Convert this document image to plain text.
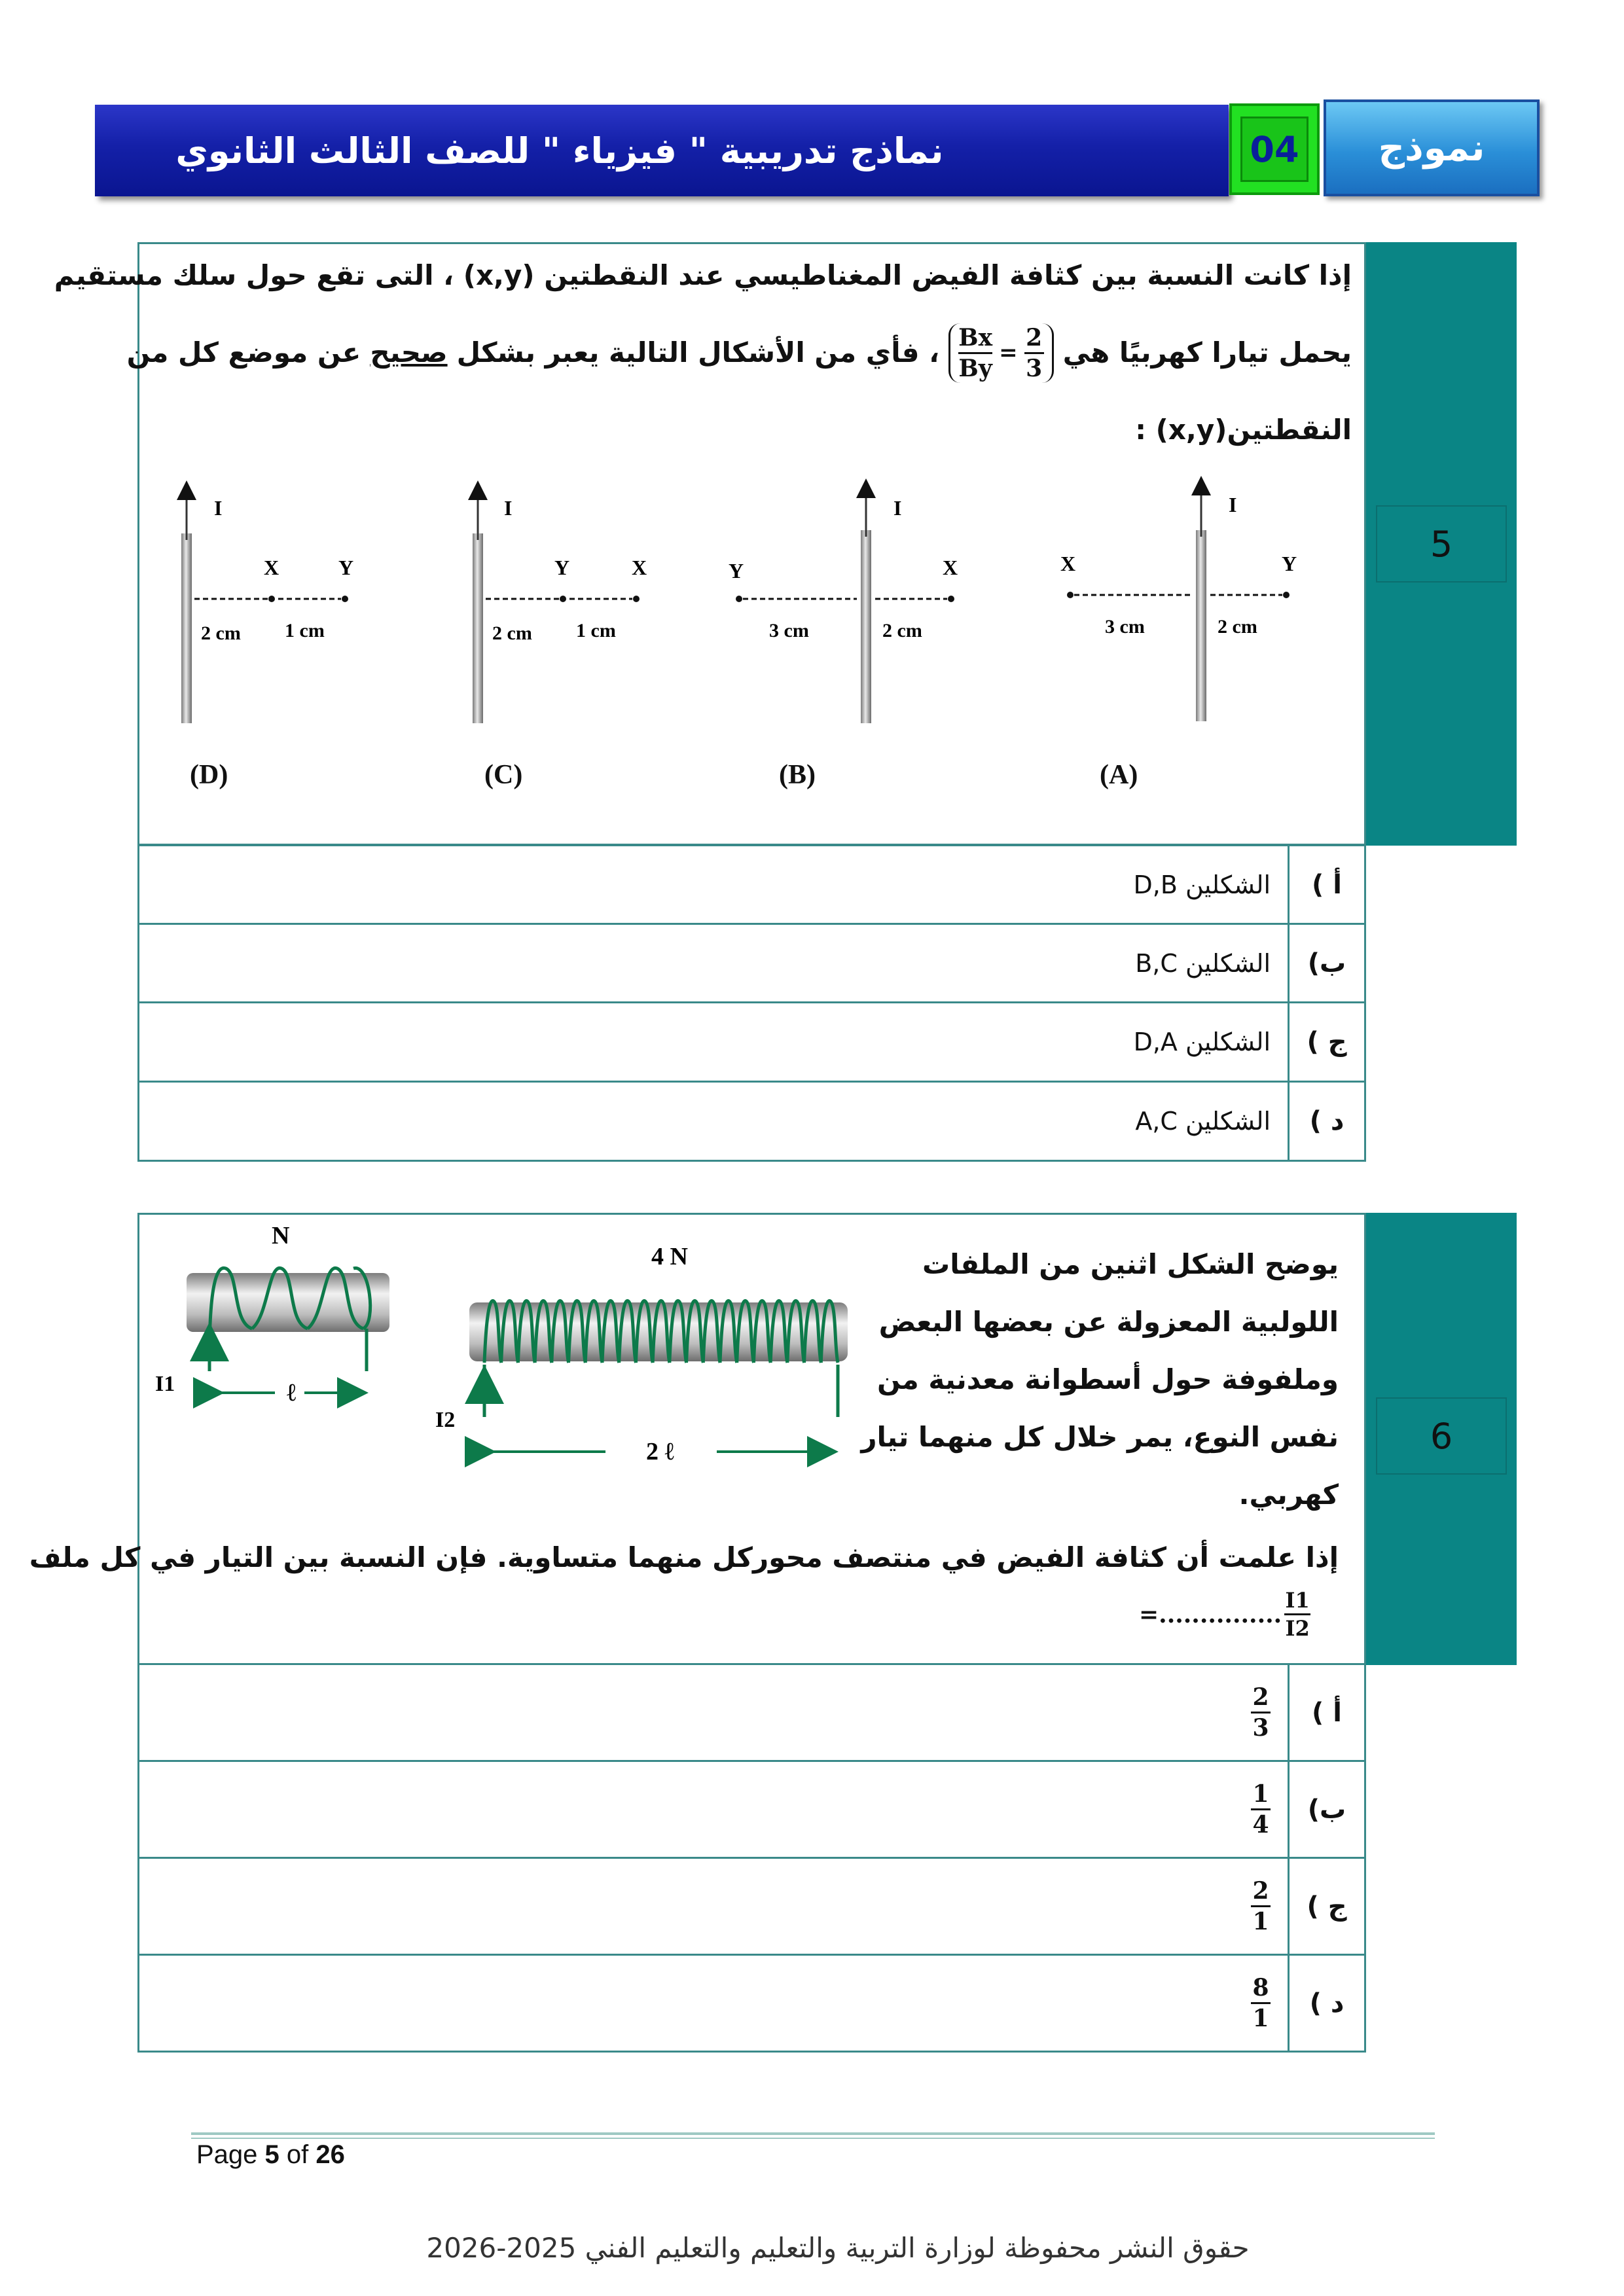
نماذج تدريبية " فيزياء " للصف الثالث الثانوي	04	نموذج
5
إذا كانت النسبة بين كثافة الفيض المغناطيسي عند النقطتين (x,y) ، التى تقع حول سلك مستقيم
يحمل تيارا كهربيًا هي
$\frac{Bx}{By} = \frac{2}{3}$
، فأي من الأشكال التالية يعبر بشكل
صحيح
عن موضع كل من
النقطتين(x,y) :
I
X	Y
2 cm 1 cm
I
Y	X
2 cm 1 cm
I
Y	X
3 cm	2 cm
I
X	Y
3 cm	2 cm
(D)	(C)	(B)	(A)
أ )
الشكلين D,B
ب)
الشكلين B,C
ج )
الشكلين D,A
د )
الشكلين A,C
6
يوضح الشكل اثنين من الملفات
اللولبية المعزولة عن بعضها البعض
وملفوفة حول أسطوانة معدنية من
نفس النوع، يمر خلال كل منهما تيار
كهربي.
إذا علمت أن كثافة الفيض في منتصف محوركل منهما متساوية. فإن النسبة بين التيار في كل ملف
=............... $\frac{I1}{I2}$
N
I1	ℓ
4 N
I2
2 ℓ
أ )
$\frac{2}{3}$
ب)
$\frac{1}{4}$
ج )
$\frac{2}{1}$
د )
$\frac{8}{1}$
Page 5 of 26
حقوق النشر محفوظة لوزارة التربية والتعليم والتعليم الفني 2025-2026
